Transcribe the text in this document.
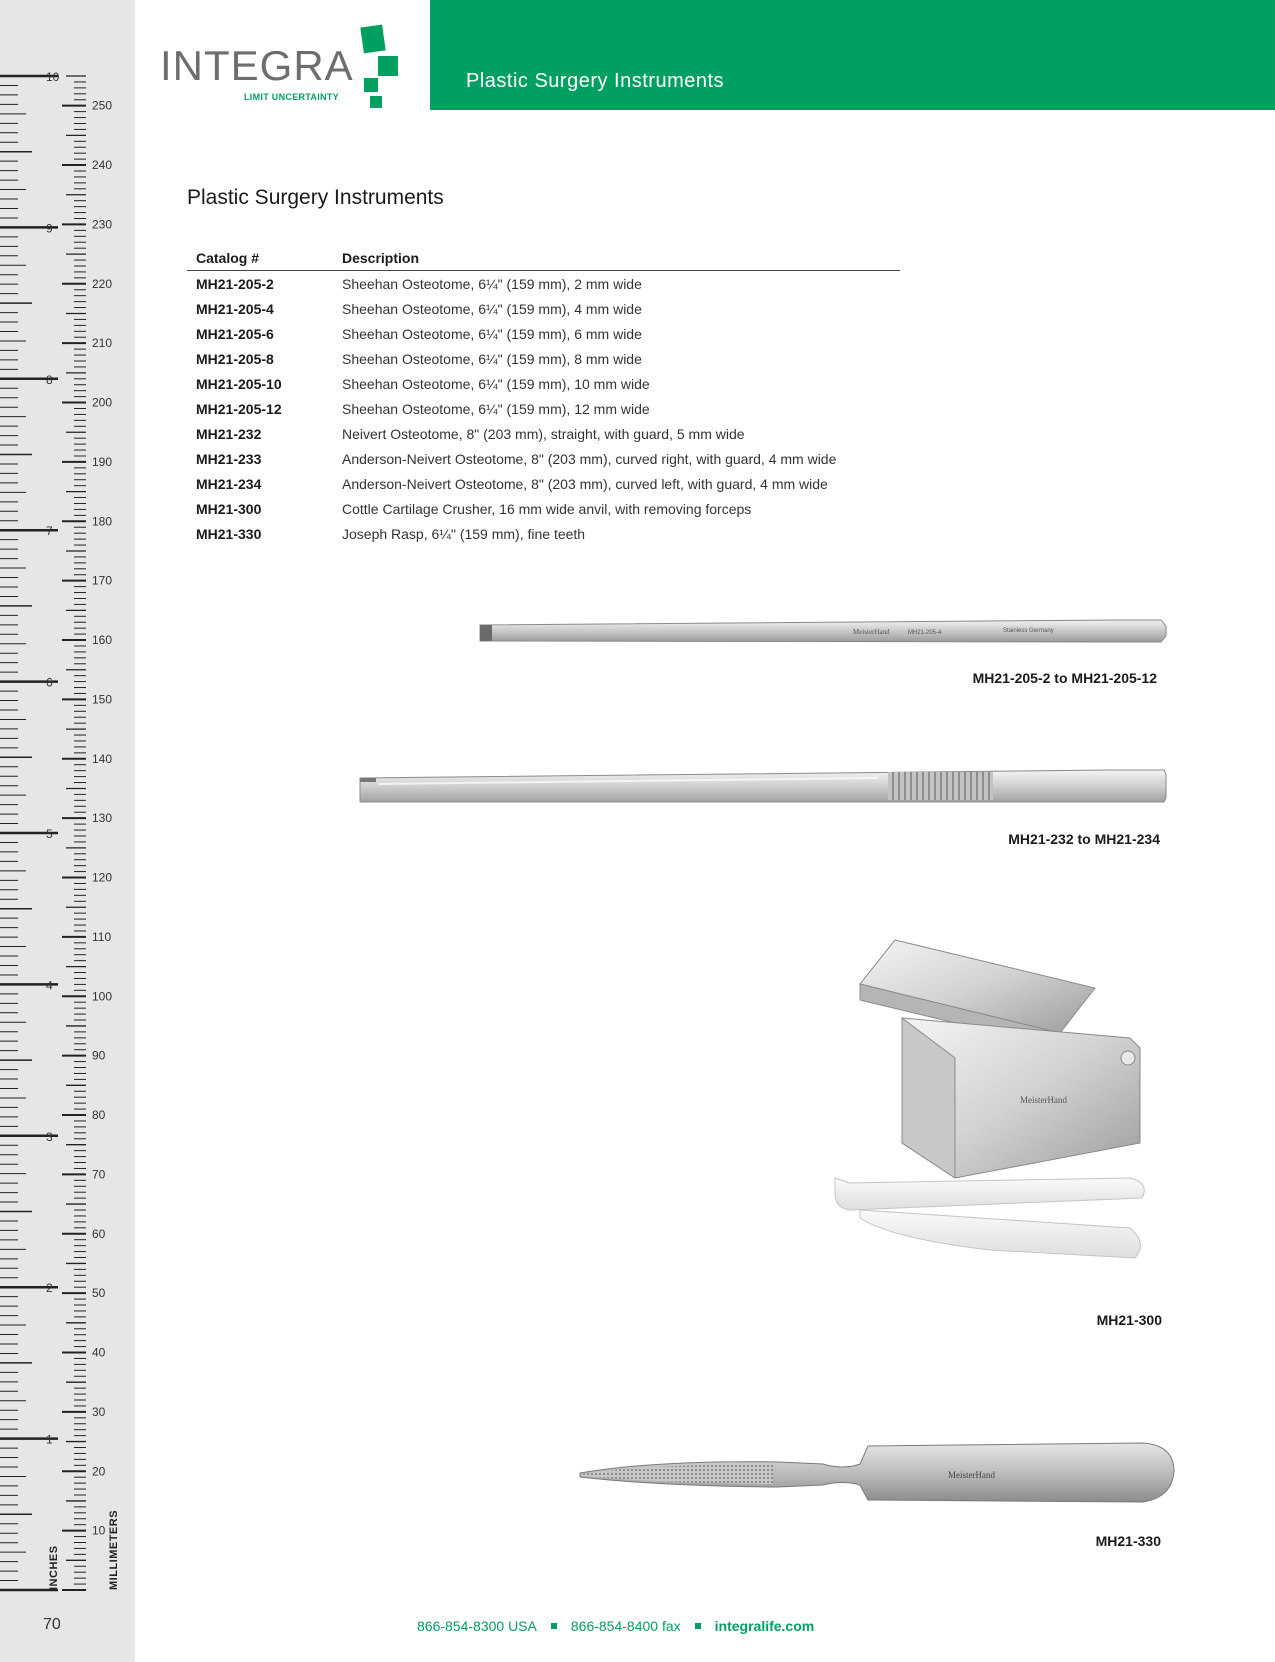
10
9
8
7
6
5
4
3
2
1
250
240
230
220
210
200
190
180
170
160
150
140
130
120
110
100
90
80
70
60
50
40
30
20
10
INCHES	MILLIMETERS
INTEGRA
LIMIT UNCERTAINTY
Plastic Surgery Instruments
Plastic Surgery Instruments
Catalog #	Description
MH21-205-2	Sheehan Osteotome, 6¼" (159 mm), 2 mm wide
MH21-205-4	Sheehan Osteotome, 6¼" (159 mm), 4 mm wide
MH21-205-6	Sheehan Osteotome, 6¼" (159 mm), 6 mm wide
MH21-205-8	Sheehan Osteotome, 6¼" (159 mm), 8 mm wide
MH21-205-10	Sheehan Osteotome, 6¼" (159 mm), 10 mm wide
MH21-205-12	Sheehan Osteotome, 6¼" (159 mm), 12 mm wide
MH21-232	Neivert Osteotome, 8" (203 mm), straight, with guard, 5 mm wide
MH21-233	Anderson-Neivert Osteotome, 8" (203 mm), curved right, with guard, 4 mm wide
MH21-234	Anderson-Neivert Osteotome, 8" (203 mm), curved left, with guard, 4 mm wide
MH21-300	Cottle Cartilage Crusher, 16 mm wide anvil, with removing forceps
MH21-330	Joseph Rasp, 6¼" (159 mm), fine teeth
MeisterHand	MH21-205-4	Stainless Germany
MH21-205-2 to MH21-205-12
MH21-232 to MH21-234
MeisterHand
MH21-300
MeisterHand
MH21-330
70	866-854-8300 USA 866-854-8400 fax integralife.com
